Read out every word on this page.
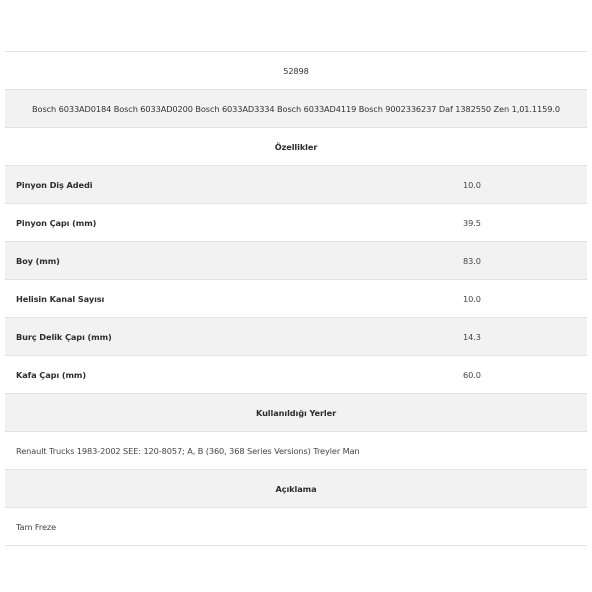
52898
Bosch 6033AD0184 Bosch 6033AD0200 Bosch 6033AD3334 Bosch 6033AD4119 Bosch 9002336237 Daf 1382550 Zen 1,01.1159.0
Özellikler
Pinyon Diş Adedi	10.0
Pinyon Çapı (mm)	39.5
Boy (mm)	83.0
Helisin Kanal Sayısı	10.0
Burç Delik Çapı (mm)	14.3
Kafa Çapı (mm)	60.0
Kullanıldığı Yerler
Renault Trucks 1983-2002 SEE: 120-8057; A, B (360, 368 Series Versions) Treyler Man
Açıklama
Tam Freze
